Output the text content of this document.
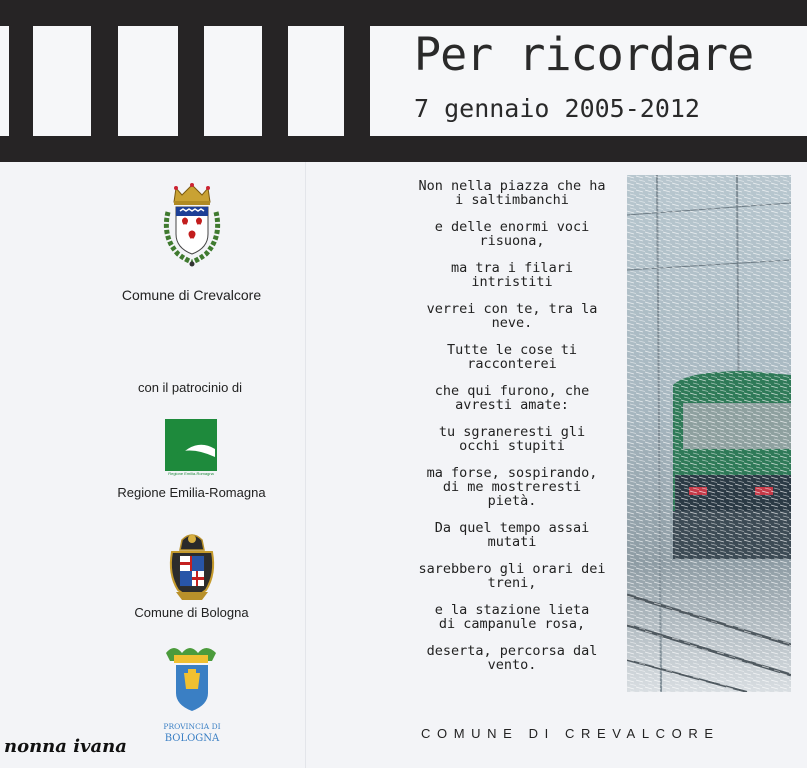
Per ricordare
7 gennaio 2005-2012
Comune di Crevalcore
con il patrocinio di
Regione Emilia-Romagna
Regione Emilia-Romagna
Comune di Bologna
PROVINCIA DI
BOLOGNA
Non nella piazza che ha
i saltimbanchi
e delle enormi voci
risuona,
ma tra i filari
intristiti
verrei con te, tra la
neve.
Tutte le cose ti
racconterei
che qui furono, che
avresti amate:
tu sgraneresti gli
occhi stupiti
ma forse, sospirando,
di me mostreresti
pietà.
Da quel tempo assai
mutati
sarebbero gli orari dei
treni,
e la stazione lieta
di campanule rosa,
deserta, percorsa dal
vento.
COMUNE DI CREVALCORE
nonna ivana
